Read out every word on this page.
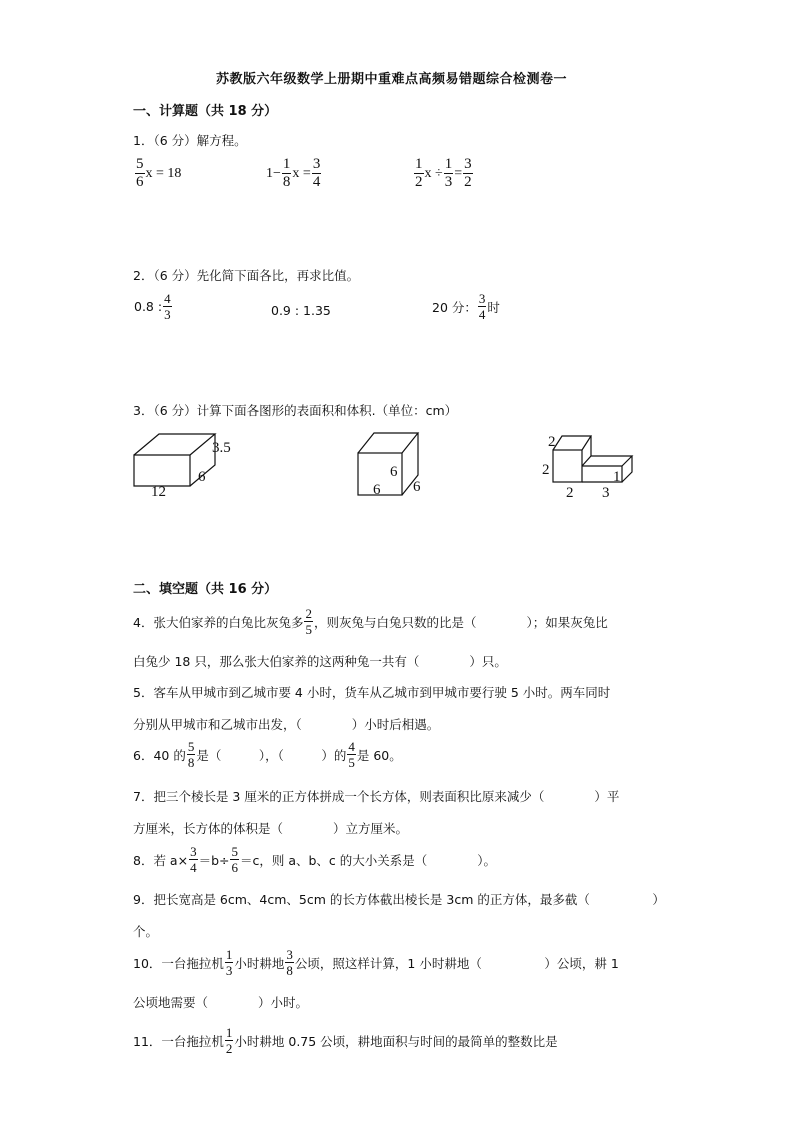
苏教版六年级数学上册期中重难点高频易错题综合检测卷一
一、计算题（共 18 分）
1．（6 分）解方程。
$\frac{5}{6}$ x = 18	$1- \frac{1}{8}$ $x = \frac{3}{4}$	$\frac{1}{2}$ $x \div \frac{1}{3} = \frac{3}{2}$
2．（6 分）先化简下面各比，再求比值。
0.8 : $\frac{4}{3}$	0.9 : 1.35	20 分： $\frac{3}{4}$ 时
3．（6 分）计算下面各图形的表面积和体积.（单位：cm）
3.5
6
12
6
6 6
2
2
2 3
1
二、填空题（共 16 分）
4．张大伯家养的白兔比灰兔多 $\frac{2}{5}$ ，则灰兔与白兔只数的比是（　　　　）；如果灰兔比
白兔少 18 只，那么张大伯家养的这两种兔一共有（　　　　）只。
5．客车从甲城市到乙城市要 4 小时，货车从乙城市到甲城市要行驶 5 小时。两车同时
分别从甲城市和乙城市出发，（　　　　）小时后相遇。
6．40 的 $\frac{5}{8}$ 是（　　　），（　　　）的 $\frac{4}{5}$ 是 60。
7．把三个棱长是 3 厘米的正方体拼成一个长方体，则表面积比原来减少（　　　　）平
方厘米，长方体的体积是（　　　　）立方厘米。
8．若 $a\times \frac{3}{4} =b\div \frac{5}{6} =c$，则 a、b、c 的大小关系是（　　　　）。
9．把长宽高是 6cm、4cm、5cm 的长方体截出棱长是 3cm 的正方体，最多截（　　　　　）
个。
10．一台拖拉机 $\frac{1}{3}$ 小时耕地 $\frac{3}{8}$ 公顷，照这样计算，1 小时耕地（　　　　　）公顷，耕 1
公顷地需要（　　　　）小时。
11．一台拖拉机 $\frac{1}{2}$ 小时耕地 0.75 公顷，耕地面积与时间的最简单的整数比是
